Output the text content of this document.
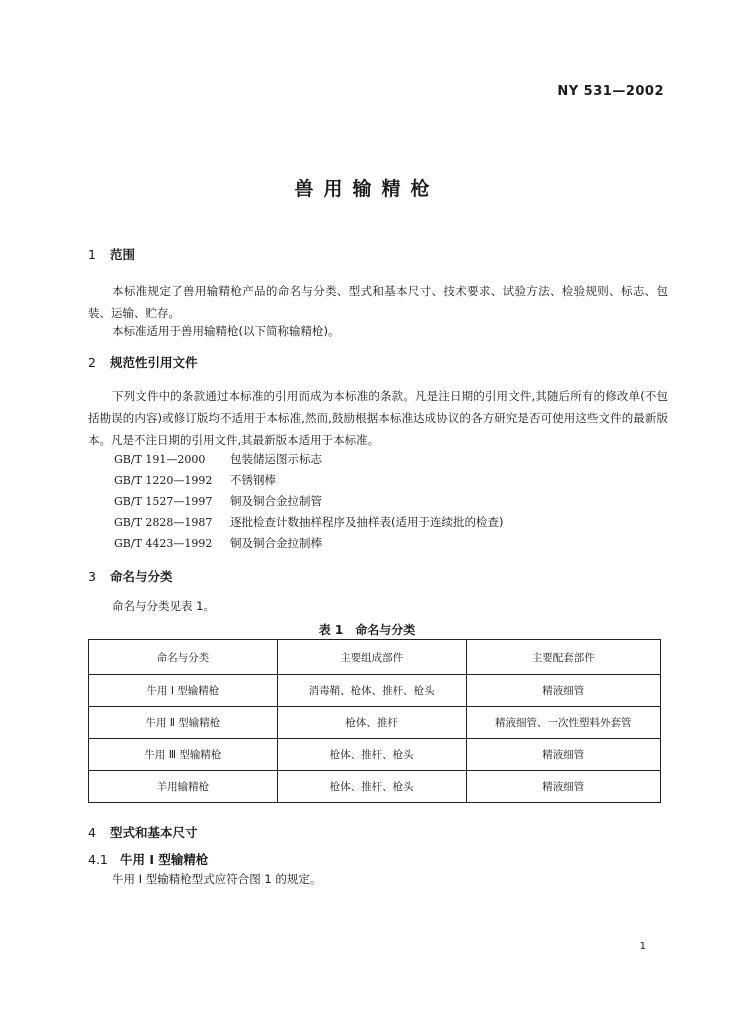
NY 531—2002
兽用输精枪
1 范围

本标准规定了兽用输精枪产品的命名与分类、型式和基本尺寸、技术要求、试验方法、检验规则、标志、包装、运输、贮存。

本标准适用于兽用输精枪(以下简称输精枪)。

2 规范性引用文件

下列文件中的条款通过本标准的引用而成为本标准的条款。凡是注日期的引用文件,其随后所有的修改单(不包括勘误的内容)或修订版均不适用于本标准,然而,鼓励根据本标准达成协议的各方研究是否可使用这些文件的最新版本。凡是不注日期的引用文件,其最新版本适用于本标准。

GB/T 191—2000 包装储运图示标志
GB/T 1220—1992 不锈钢棒
GB/T 1527—1997 铜及铜合金拉制管
GB/T 2828—1987 逐批检查计数抽样程序及抽样表(适用于连续批的检查)
GB/T 4423—1992 铜及铜合金拉制棒
3 命名与分类

命名与分类见表 1。

表 1　命名与分类
命名与分类	主要组成部件	主要配套部件
牛用 I 型输精枪	消毒鞘、枪体、推杆、枪头	精液细管
牛用 Ⅱ 型输精枪	枪体、推杆	精液细管、一次性塑料外套管
牛用 Ⅲ 型输精枪	枪体、推杆、枪头	精液细管
羊用输精枪	枪体、推杆、枪头	精液细管
4 型式和基本尺寸
4.1 牛用 I 型输精枪

牛用 I 型输精枪型式应符合图 1 的规定。

1
